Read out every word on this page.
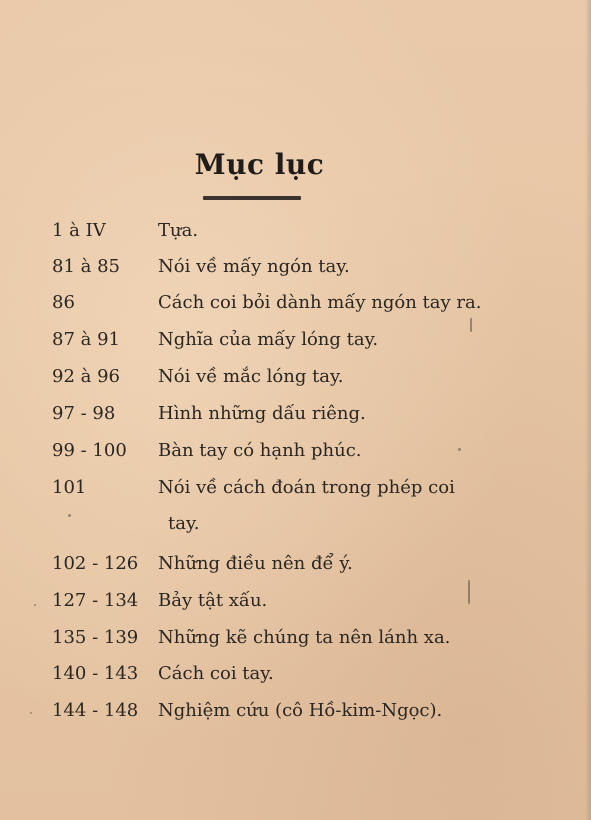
Mục lục
1 à IV	Tựa.
81 à 85	Nói về mấy ngón tay.
86	Cách coi bỏi dành mấy ngón tay ra.
87 à 91	Nghĩa của mấy lóng tay.
92 à 96	Nói về mắc lóng tay.
97 - 98	Hình những dấu riêng.
99 - 100	Bàn tay có hạnh phúc.
101	Nói về cách đoán trong phép coi
tay.
102 - 126	Những điều nên để ý.
127 - 134	Bảy tật xấu.
135 - 139	Những kẽ chúng ta nên lánh xa.
140 - 143	Cách coi tay.
144 - 148	Nghiệm cứu (cô Hồ-kim-Ngọc).
